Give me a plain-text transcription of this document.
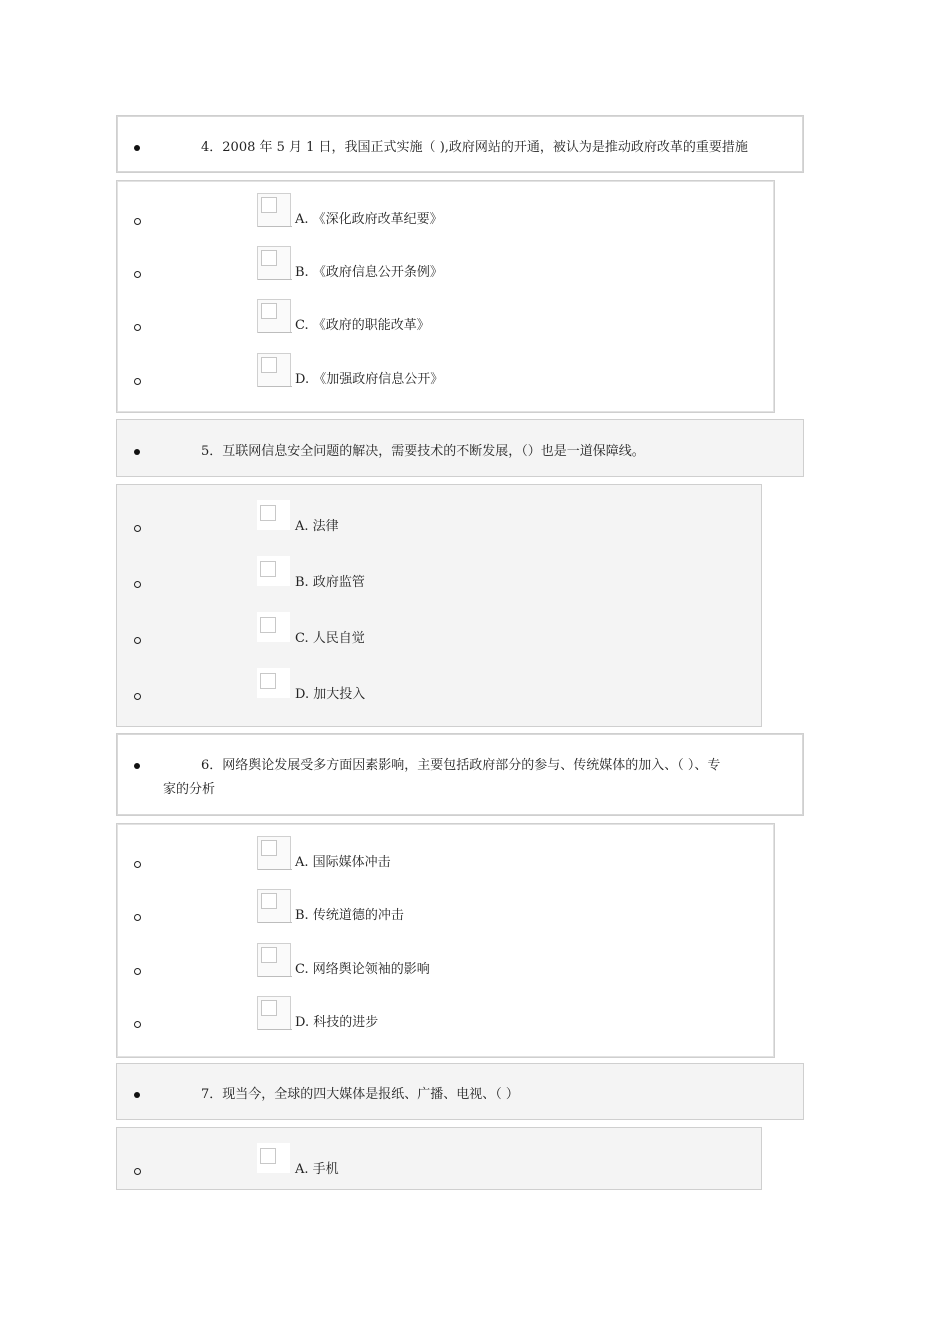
4．2008 年 5 月 1 日，我国正式实施（ ),政府网站的开通，被认为是推动政府改革的重要措施
A. 《深化政府改革纪要》
B. 《政府信息公开条例》
C. 《政府的职能改革》
D. 《加强政府信息公开》
5．互联网信息安全问题的解决，需要技术的不断发展，（）也是一道保障线。
A. 法律
B. 政府监管
C. 人民自觉
D. 加大投入
6．网络舆论发展受多方面因素影响，主要包括政府部分的参与、传统媒体的加入、（ ）、专
家的分析
A. 国际媒体冲击
B. 传统道德的冲击
C. 网络舆论领袖的影响
D. 科技的进步
7．现当今，全球的四大媒体是报纸、广播、电视、（ ）
A. 手机
